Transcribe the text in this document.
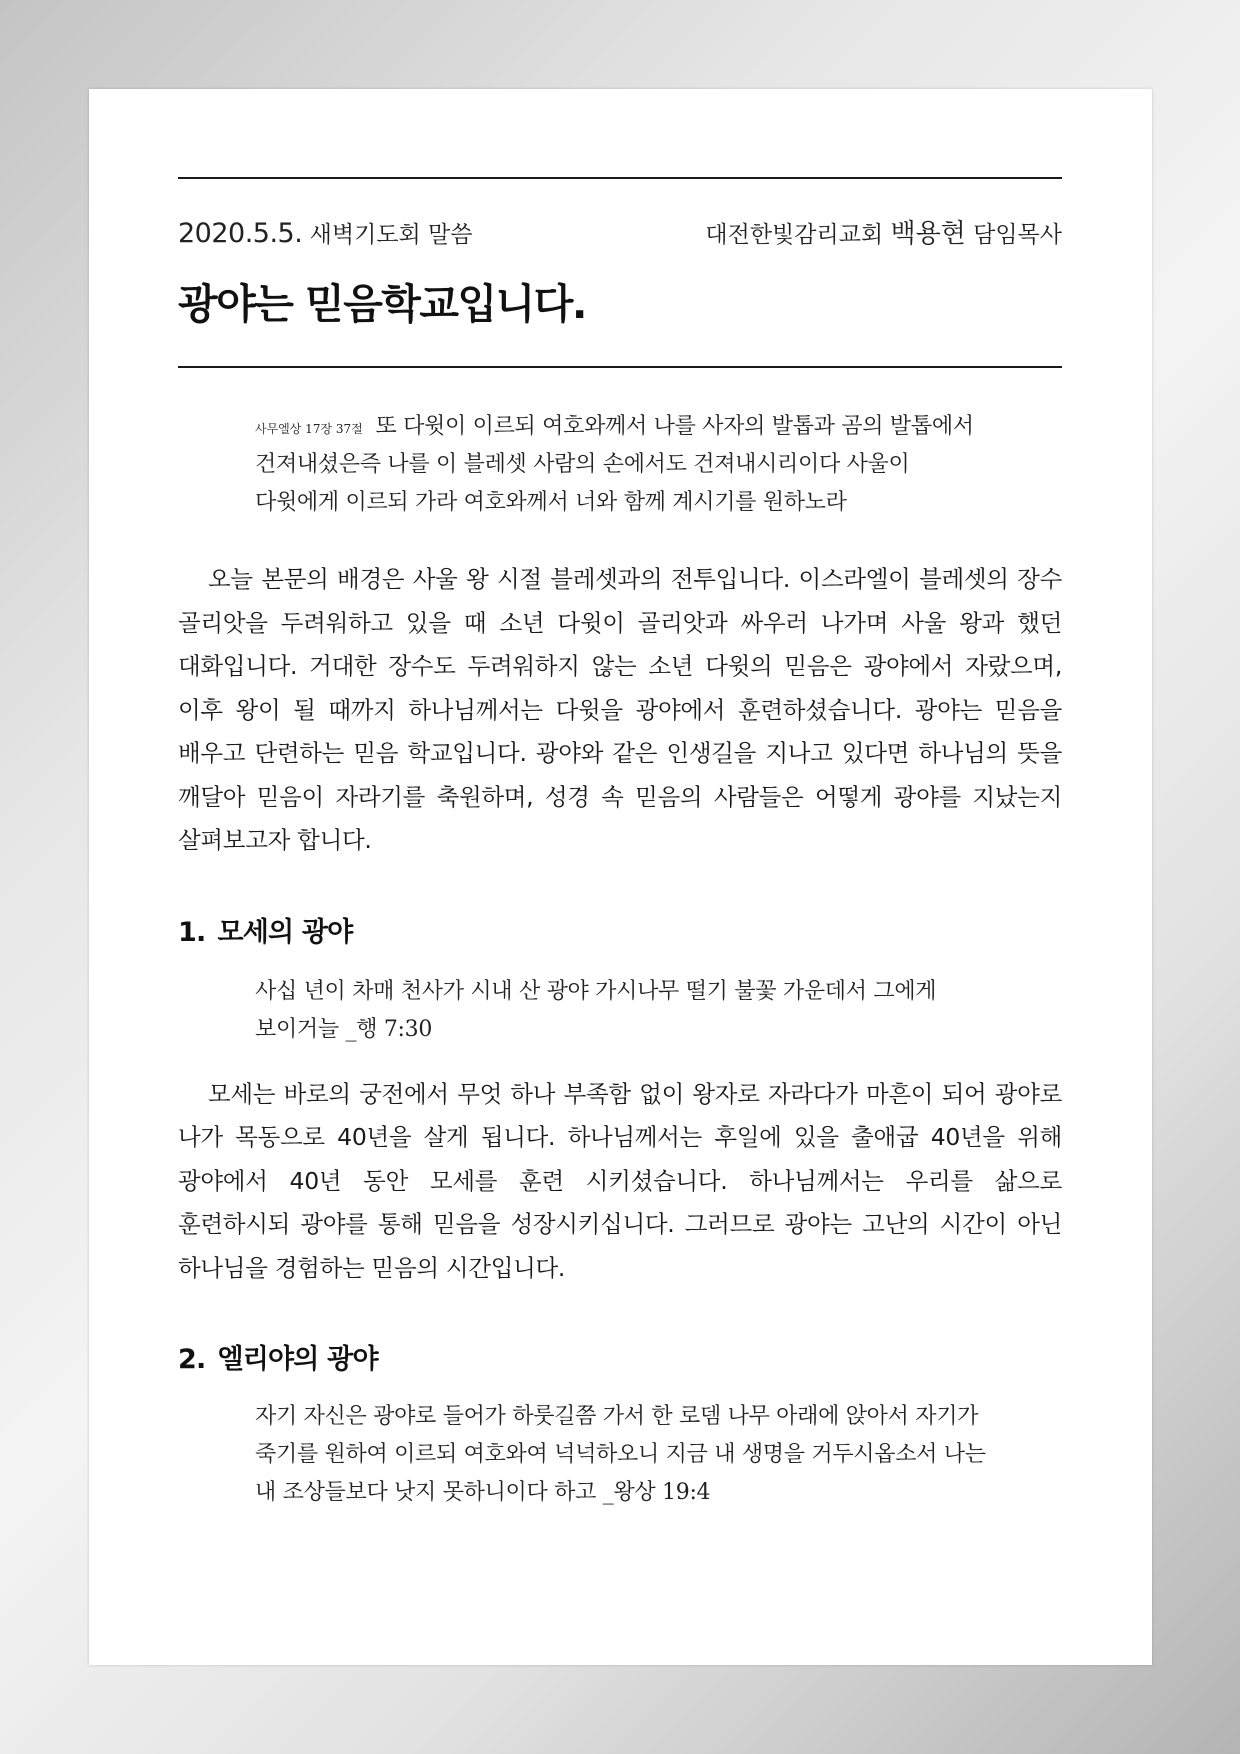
2020.5.5. 새벽기도회 말씀	대전한빛감리교회 백용현 담임목사
광야는 믿음학교입니다.
$^{사무엘상 17장 37절}$ 또 다윗이 이르되 여호와께서 나를 사자의 발톱과 곰의 발톱에서 건져내셨은즉 나를 이 블레셋 사람의 손에서도 건져내시리이다 사울이 다윗에게 이르되 가라 여호와께서 너와 함께 계시기를 원하노라

오늘 본문의 배경은 사울 왕 시절 블레셋과의 전투입니다. 이스라엘이 블레셋의 장수 골리앗을 두려워하고 있을 때 소년 다윗이 골리앗과 싸우러 나가며 사울 왕과 했던 대화입니다. 거대한 장수도 두려워하지 않는 소년 다윗의 믿음은 광야에서 자랐으며, 이후 왕이 될 때까지 하나님께서는 다윗을 광야에서 훈련하셨습니다. 광야는 믿음을 배우고 단련하는 믿음 학교입니다. 광야와 같은 인생길을 지나고 있다면 하나님의 뜻을 깨달아 믿음이 자라기를 축원하며, 성경 속 믿음의 사람들은 어떻게 광야를 지났는지 살펴보고자 합니다.

1. 모세의 광야
사십 년이 차매 천사가 시내 산 광야 가시나무 떨기 불꽃 가운데서 그에게 보이거늘 _행 7:30

모세는 바로의 궁전에서 무엇 하나 부족함 없이 왕자로 자라다가 마흔이 되어 광야로 나가 목동으로 40년을 살게 됩니다. 하나님께서는 후일에 있을 출애굽 40년을 위해 광야에서 40년 동안 모세를 훈련 시키셨습니다. 하나님께서는 우리를 삶으로 훈련하시되 광야를 통해 믿음을 성장시키십니다. 그러므로 광야는 고난의 시간이 아닌 하나님을 경험하는 믿음의 시간입니다.

2. 엘리야의 광야
자기 자신은 광야로 들어가 하룻길쯤 가서 한 로뎀 나무 아래에 앉아서 자기가 죽기를 원하여 이르되 여호와여 넉넉하오니 지금 내 생명을 거두시옵소서 나는 내 조상들보다 낫지 못하니이다 하고 _왕상 19:4
